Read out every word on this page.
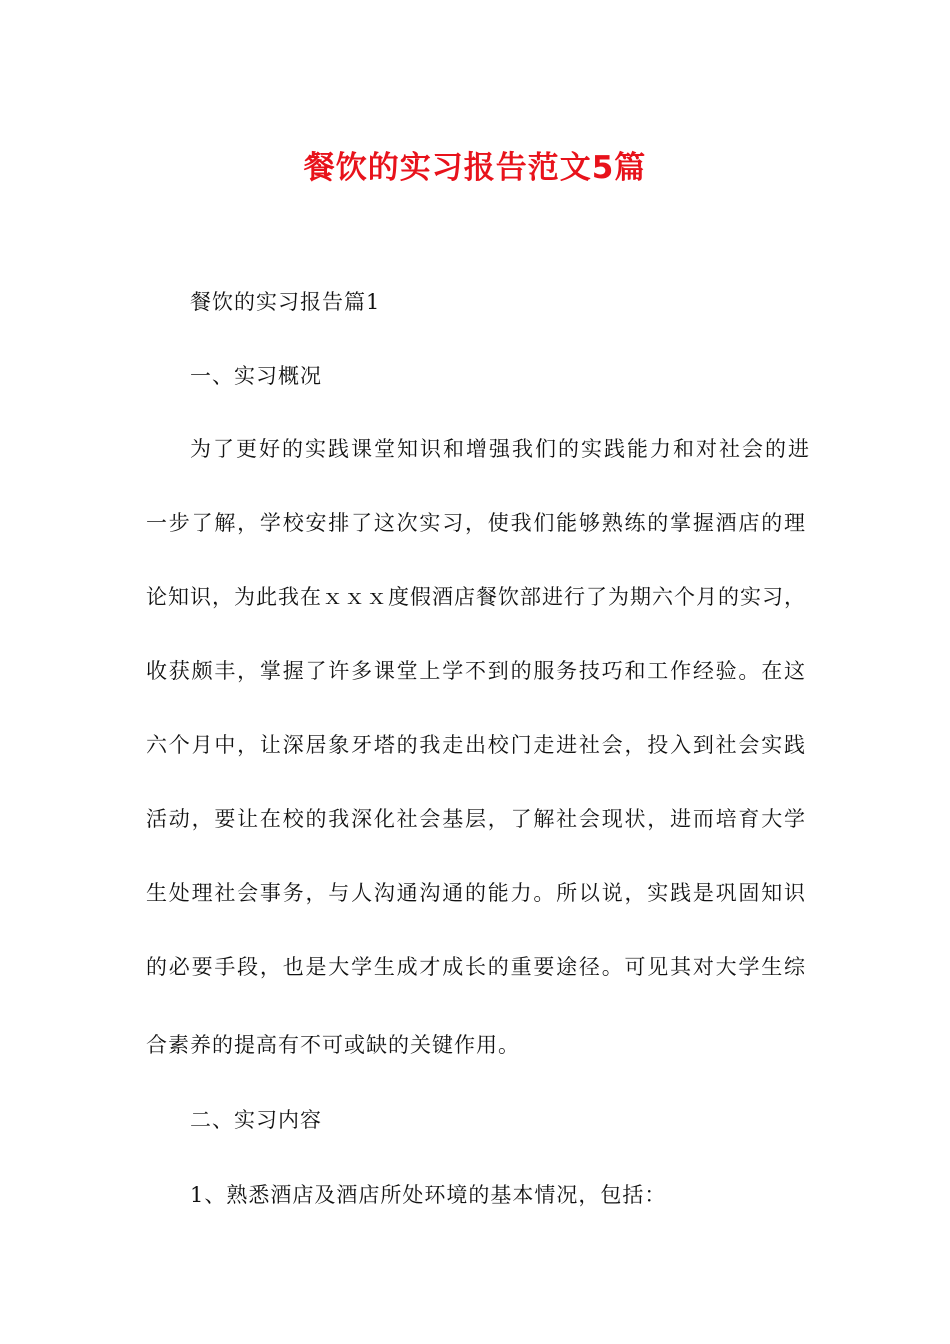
餐饮的实习报告范文5篇

餐饮的实习报告篇1

一、实习概况

为了更好的实践课堂知识和增强我们的实践能力和对社会的进

一步了解，学校安排了这次实习，使我们能够熟练的掌握酒店的理

论知识，为此我在ｘｘｘ度假酒店餐饮部进行了为期六个月的实习，

收获颇丰，掌握了许多课堂上学不到的服务技巧和工作经验。在这

六个月中，让深居象牙塔的我走出校门走进社会，投入到社会实践

活动，要让在校的我深化社会基层，了解社会现状，进而培育大学

生处理社会事务，与人沟通沟通的能力。所以说，实践是巩固知识

的必要手段，也是大学生成才成长的重要途径。可见其对大学生综

合素养的提高有不可或缺的关键作用。

二、实习内容

1、熟悉酒店及酒店所处环境的基本情况，包括：
